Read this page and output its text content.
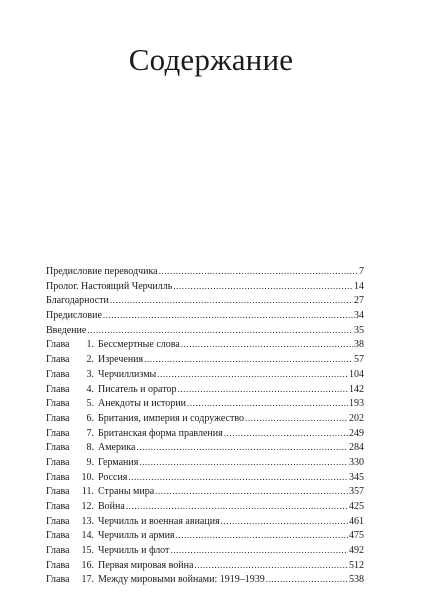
Содержание
Предисловие переводчика .....	7
Пролог. Настоящий Черчилль .....	14
Благодарности .....	27
Предисловие .....	34
Введение .....	35
Глава 1. Бессмертные слова .....	38
Глава 2. Изречения .....	57
Глава 3. Черчиллизмы .....	104
Глава 4. Писатель и оратор .....	142
Глава 5. Анекдоты и истории .....	193
Глава 6. Британия, империя и содружество .....	202
Глава 7. Британская форма правления .....	249
Глава 8. Америка .....	284
Глава 9. Германия .....	330
Глава 10. Россия .....	345
Глава 11. Страны мира .....	357
Глава 12. Война .....	425
Глава 13. Черчилль и военная авиация .....	461
Глава 14. Черчилль и армия .....	475
Глава 15. Черчилль и флот .....	492
Глава 16. Первая мировая война .....	512
Глава 17. Между мировыми войнами: 1919–1939 .....	538
